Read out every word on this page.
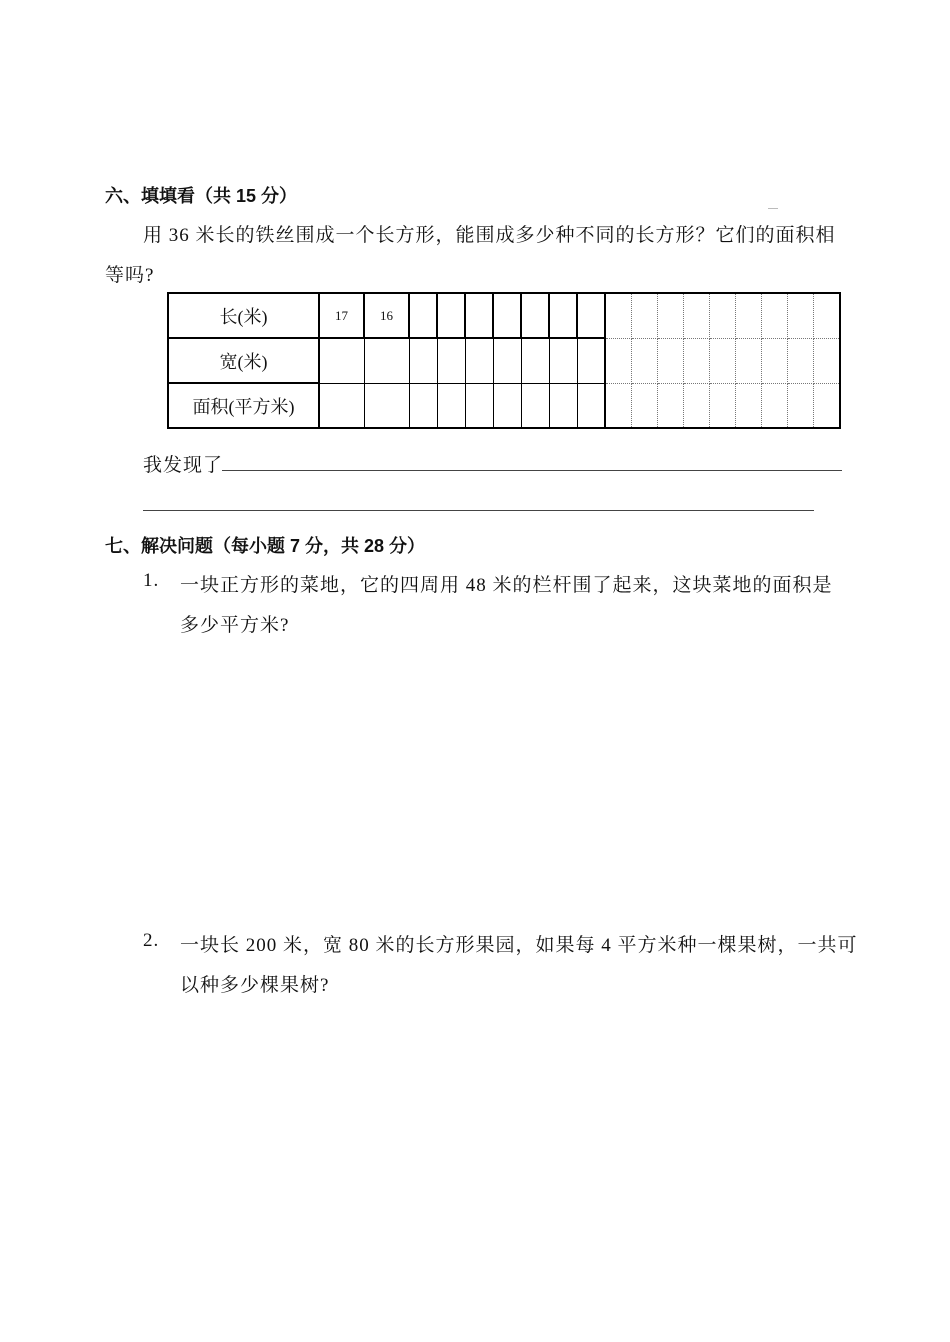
六、填填看（共 15 分）
用 36 米长的铁丝围成一个长方形，能围成多少种不同的长方形？它们的面积相
等吗?
长(米)	17	16																
宽(米)																		
面积(平方米)																		
我发现了
七、解决问题（每小题 7 分，共 28 分）
1. 一块正方形的菜地，它的四周用 48 米的栏杆围了起来，这块菜地的面积是
多少平方米?
2. 一块长 200 米，宽 80 米的长方形果园，如果每 4 平方米种一棵果树，一共可
以种多少棵果树?
